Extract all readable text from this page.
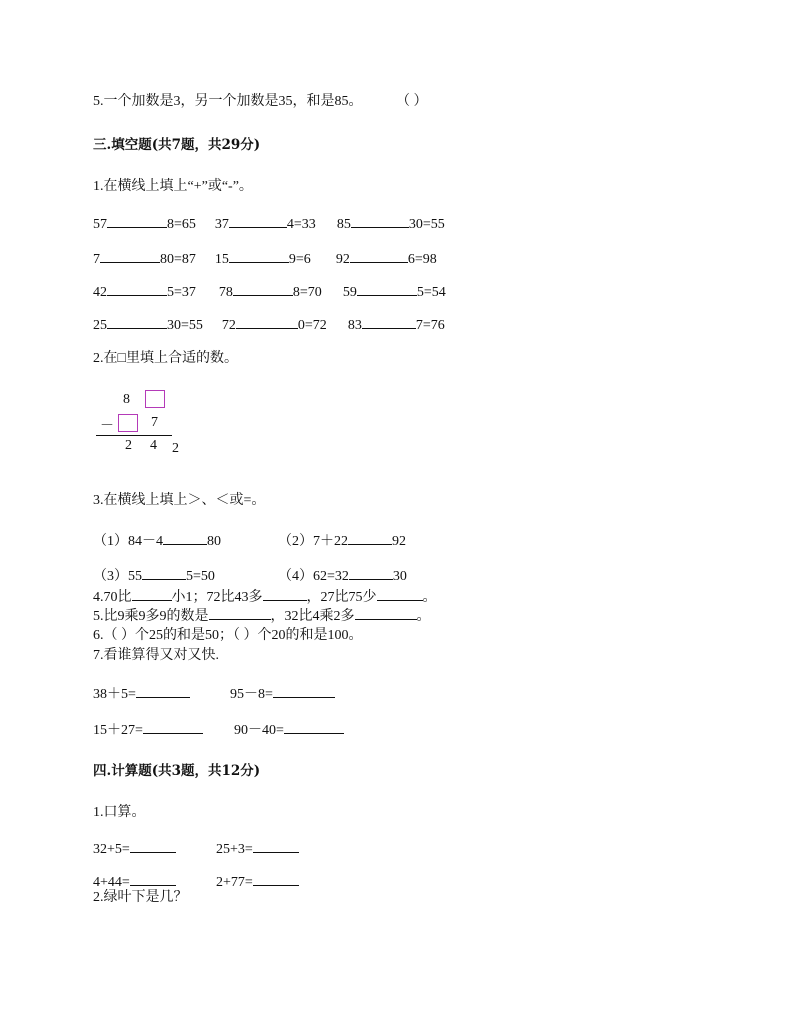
5.一个加数是3，另一个加数是35，和是85。 （ ）
三.填空题(共7题，共29分)
1.在横线上填上“+”或“-”。
57	8=65 37	4=33 85	30=55
7	80=87 15	9=6 92	6=98
42	5=37 78	8=70 59	5=54
25	30=55 72	0=72 83	7=76
2.在□里填上合适的数。
8
－	7
2 4 2
3.在横线上填上＞、＜或=。
（1）84－4	80	（2）7＋22	92
（3）55	5=50	（4）62=32	30
4.70比	小1；72比43多	，27比75少	。
5.比9乘9多9的数是	，32比4乘2多	。
6.（ ）个25的和是50；（ ）个20的和是100。
7.看谁算得又对又快.
38＋5=	95－8=
15＋27=	90－40=
四.计算题(共3题，共12分)
1.口算。
32+5=	25+3=
4+44=	2+77=
2.绿叶下是几？
